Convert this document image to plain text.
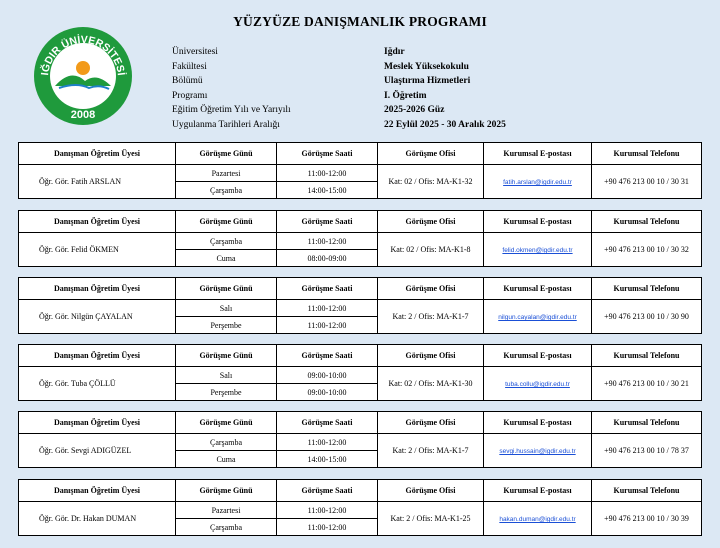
YÜZYÜZE DANIŞMANLIK PROGRAMI
IĞDIR ÜNİVERSİTESİ
2008
Üniversitesi	Iğdır
Fakültesi	Meslek Yüksekokulu
Bölümü	Ulaştırma Hizmetleri
Programı	I. Öğretim
Eğitim Öğretim Yılı ve Yarıyılı	2025-2026 Güz
Uygulanma Tarihleri Aralığı	22 Eylül 2025 - 30 Aralık 2025
Danışman Öğretim Üyesi	Görüşme Günü	Görüşme Saati	Görüşme Ofisi	Kurumsal E-postası	Kurumsal Telefonu
Öğr. Gör. Fatih ARSLAN	Pazartesi	11:00-12:00	Kat: 02 / Ofis: MA-K1-32	fatih.arslan@igdir.edu.tr	+90 476 213 00 10 / 30 31
	Çarşamba	14:00-15:00			
Danışman Öğretim Üyesi	Görüşme Günü	Görüşme Saati	Görüşme Ofisi	Kurumsal E-postası	Kurumsal Telefonu
Öğr. Gör. Felid ÖKMEN	Çarşamba	11:00-12:00	Kat: 02 / Ofis: MA-K1-8	felid.okmen@igdir.edu.tr	+90 476 213 00 10 / 30 32
	Cuma	08:00-09:00			
Danışman Öğretim Üyesi	Görüşme Günü	Görüşme Saati	Görüşme Ofisi	Kurumsal E-postası	Kurumsal Telefonu
Öğr. Gör. Nilgün ÇAYALAN	Salı	11:00-12:00	Kat: 2 / Ofis: MA-K1-7	nilgun.cayalan@igdir.edu.tr	+90 476 213 00 10 / 30 90
	Perşembe	11:00-12:00			
Danışman Öğretim Üyesi	Görüşme Günü	Görüşme Saati	Görüşme Ofisi	Kurumsal E-postası	Kurumsal Telefonu
Öğr. Gör. Tuba ÇÖLLÜ	Salı	09:00-10:00	Kat: 02 / Ofis: MA-K1-30	tuba.collu@igdir.edu.tr	+90 476 213 00 10 / 30 21
	Perşembe	09:00-10:00			
Danışman Öğretim Üyesi	Görüşme Günü	Görüşme Saati	Görüşme Ofisi	Kurumsal E-postası	Kurumsal Telefonu
Öğr. Gör. Sevgi ADIGÜZEL	Çarşamba	11:00-12:00	Kat: 2 / Ofis: MA-K1-7	sevgi.hussain@igdir.edu.tr	+90 476 213 00 10 / 78 37
	Cuma	14:00-15:00			
Danışman Öğretim Üyesi	Görüşme Günü	Görüşme Saati	Görüşme Ofisi	Kurumsal E-postası	Kurumsal Telefonu
Öğr. Gör. Dr. Hakan DUMAN	Pazartesi	11:00-12:00	Kat: 2 / Ofis: MA-K1-25	hakan.duman@igdir.edu.tr	+90 476 213 00 10 / 30 39
	Çarşamba	11:00-12:00			
